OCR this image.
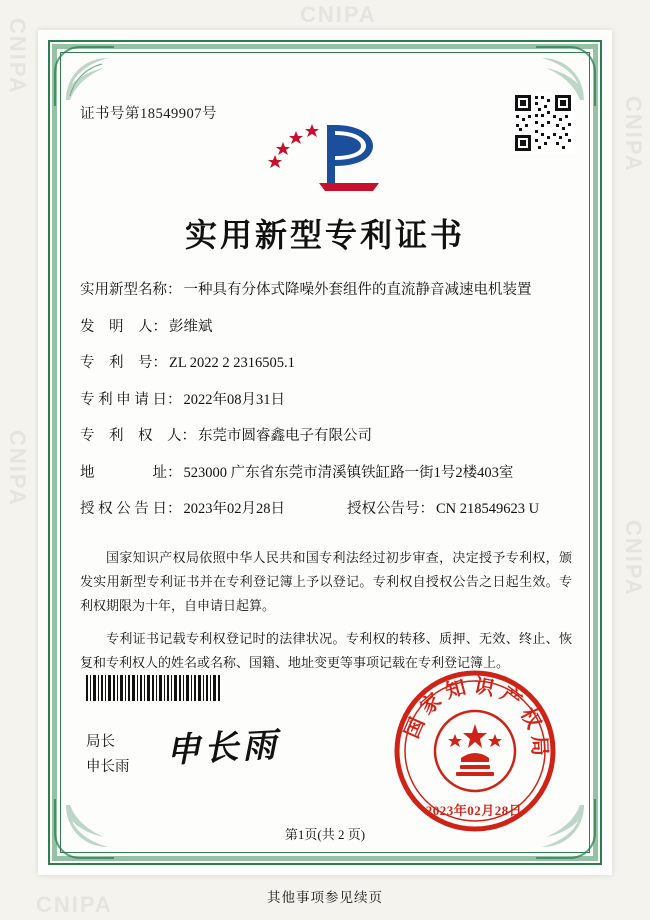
CNIPA
CNIPA
CNIPA
CNIPA
CNIPA
CNIPA
证书号第18549907号
实用新型专利证书
实用新型名称： 一种具有分体式降噪外套组件的直流静音减速电机装置
发　明　人： 彭维斌
专　利　号： ZL 2022 2 2316505.1
专 利 申 请 日： 2022年08月31日
专　利　权　人： 东莞市圆睿鑫电子有限公司
地　　　　址： 523000 广东省东莞市清溪镇铁缸路一街1号2楼403室
授 权 公 告 日： 2023年02月28日	授权公告号： CN 218549623 U

国家知识产权局依照中华人民共和国专利法经过初步审查，决定授予专利权，颁发实用新型专利证书并在专利登记簿上予以登记。专利权自授权公告之日起生效。专利权期限为十年，自申请日起算。

专利证书记载专利权登记时的法律状况。专利权的转移、质押、无效、终止、恢复和专利权人的姓名或名称、国籍、地址变更等事项记载在专利登记簿上。

局长
申长雨 申长雨
国家知识产权局
2023年02月28日
第1页(共 2 页)
其他事项参见续页
